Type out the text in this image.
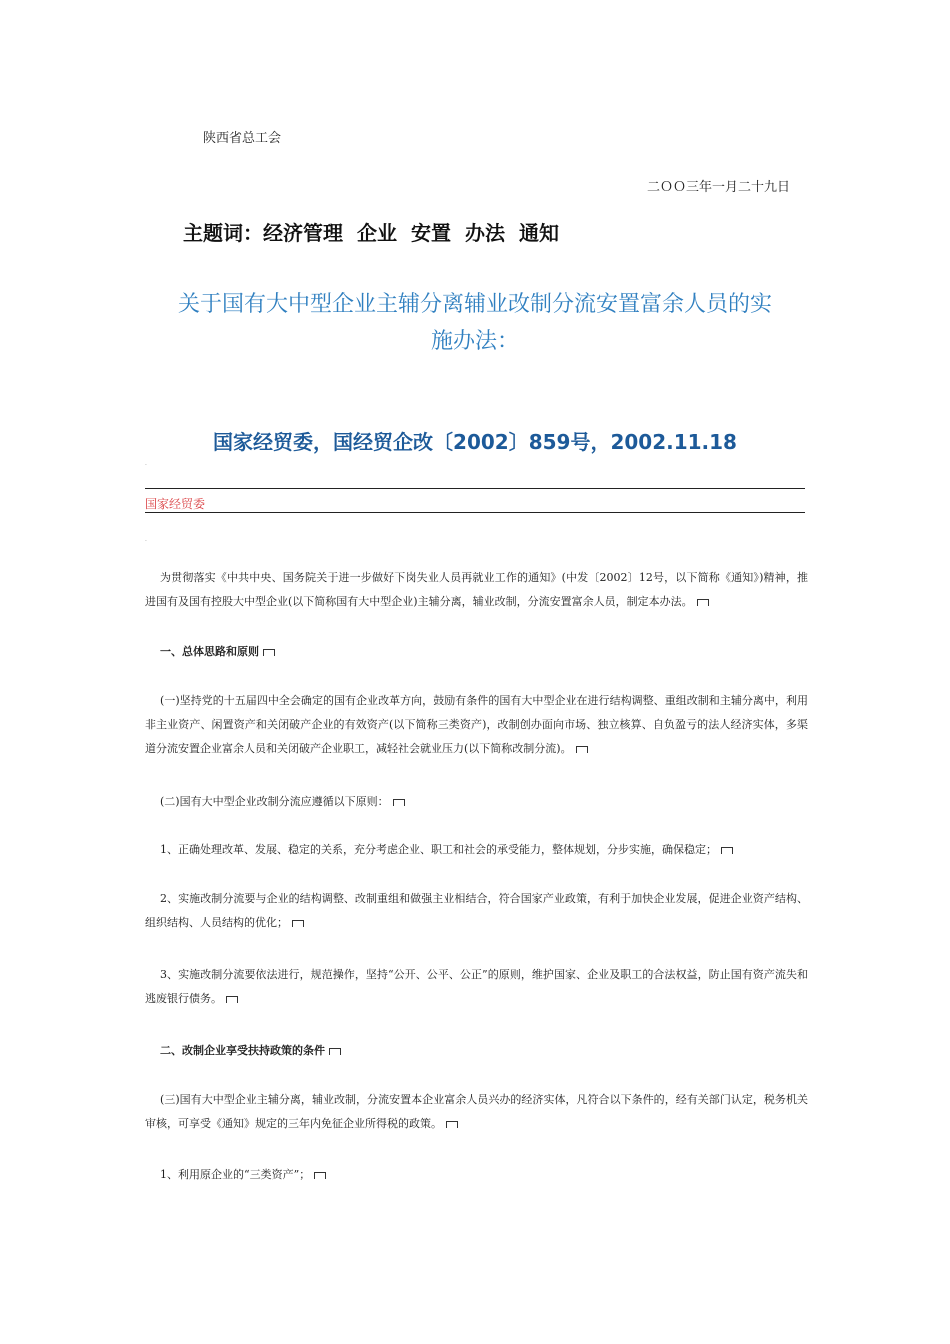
陕西省总工会
二ＯＯ三年一月二十九日
主题词：经济管理 企业 安置 办法 通知
关于国有大中型企业主辅分离辅业改制分流安置富余人员的实
施办法：
国家经贸委，国经贸企改〔2002〕859号，2002.11.18
·
国家经贸委
·

为贯彻落实《中共中央、国务院关于进一步做好下岗失业人员再就业工作的通知》(中发〔2002〕12号，以下简称《通知》)精神，推进国有及国有控股大中型企业(以下简称国有大中型企业)主辅分离，辅业改制，分流安置富余人员，制定本办法。

一、总体思路和原则

(一)坚持党的十五届四中全会确定的国有企业改革方向，鼓励有条件的国有大中型企业在进行结构调整、重组改制和主辅分离中，利用非主业资产、闲置资产和关闭破产企业的有效资产(以下简称三类资产)，改制创办面向市场、独立核算、自负盈亏的法人经济实体，多渠道分流安置企业富余人员和关闭破产企业职工，减轻社会就业压力(以下简称改制分流)。

(二)国有大中型企业改制分流应遵循以下原则：

1、正确处理改革、发展、稳定的关系，充分考虑企业、职工和社会的承受能力，整体规划，分步实施，确保稳定；

2、实施改制分流要与企业的结构调整、改制重组和做强主业相结合，符合国家产业政策，有利于加快企业发展，促进企业资产结构、组织结构、人员结构的优化；

3、实施改制分流要依法进行，规范操作，坚持“公开、公平、公正”的原则，维护国家、企业及职工的合法权益，防止国有资产流失和逃废银行债务。

二、改制企业享受扶持政策的条件

(三)国有大中型企业主辅分离，辅业改制，分流安置本企业富余人员兴办的经济实体，凡符合以下条件的，经有关部门认定，税务机关审核，可享受《通知》规定的三年内免征企业所得税的政策。

1、利用原企业的“三类资产”；
